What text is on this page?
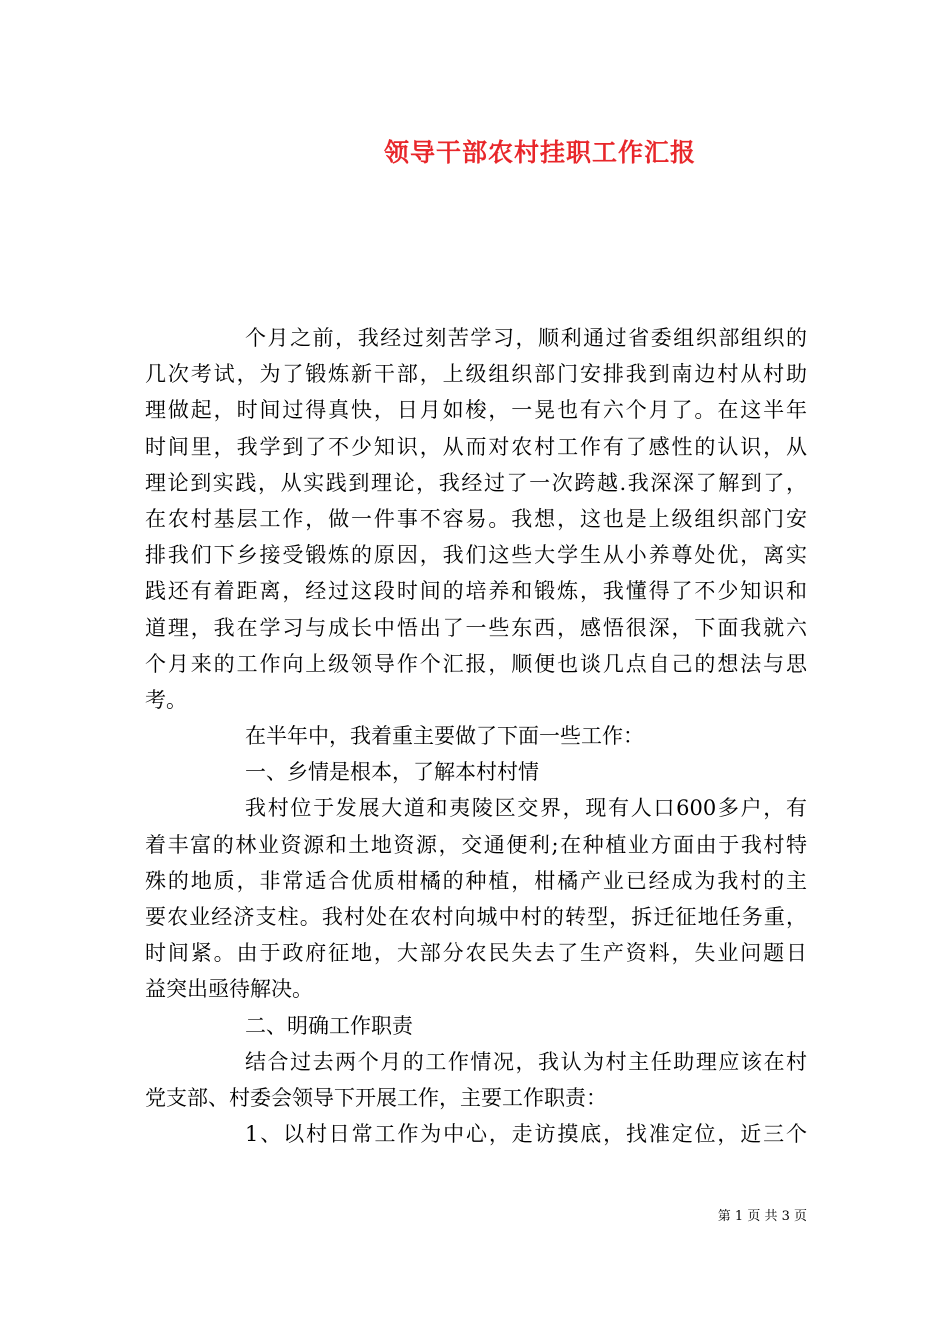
领导干部农村挂职工作汇报
个月之前，我经过刻苦学习，顺利通过省委组织部组织的
几次考试，为了锻炼新干部，上级组织部门安排我到南边村从村助
理做起，时间过得真快，日月如梭，一晃也有六个月了。在这半年
时间里，我学到了不少知识，从而对农村工作有了感性的认识，从
理论到实践，从实践到理论，我经过了一次跨越.我深深了解到了，
在农村基层工作，做一件事不容易。我想，这也是上级组织部门安
排我们下乡接受锻炼的原因，我们这些大学生从小养尊处优，离实
践还有着距离，经过这段时间的培养和锻炼，我懂得了不少知识和
道理，我在学习与成长中悟出了一些东西，感悟很深，下面我就六
个月来的工作向上级领导作个汇报，顺便也谈几点自己的想法与思
考。
在半年中，我着重主要做了下面一些工作：
一、乡情是根本，了解本村村情
我村位于发展大道和夷陵区交界，现有人口600多户，有
着丰富的林业资源和土地资源，交通便利;在种植业方面由于我村特
殊的地质，非常适合优质柑橘的种植，柑橘产业已经成为我村的主
要农业经济支柱。我村处在农村向城中村的转型，拆迁征地任务重，
时间紧。由于政府征地，大部分农民失去了生产资料，失业问题日
益突出亟待解决。
二、明确工作职责
结合过去两个月的工作情况，我认为村主任助理应该在村
党支部、村委会领导下开展工作，主要工作职责：
1、以村日常工作为中心，走访摸底，找准定位，近三个
第 1 页 共 3 页
